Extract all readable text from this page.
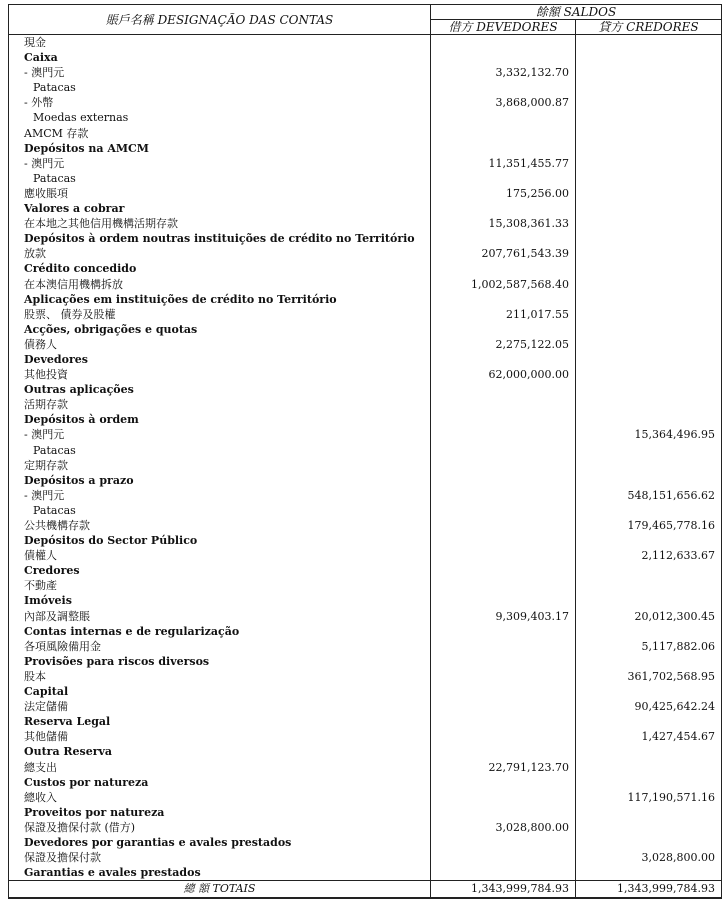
賬戶名稱 DESIGNAÇÃO DAS CONTAS	餘額 SALDOS	
	借方 DEVEDORES	貸方 CREDORES
現金		
Caixa		
- 澳門元	3,332,132.70	
Patacas		
- 外幣	3,868,000.87	
Moedas externas		
AMCM 存款		
Depósitos na AMCM		
- 澳門元	11,351,455.77	
Patacas		
應收賬項	175,256.00	
Valores a cobrar		
在本地之其他信用機構活期存款	15,308,361.33	
Depósitos à ordem noutras instituições de crédito no Território		
放款	207,761,543.39	
Crédito concedido		
在本澳信用機構拆放	1,002,587,568.40	
Aplicações em instituições de crédito no Território		
股票、 債券及股權	211,017.55	
Acções, obrigações e quotas		
債務人	2,275,122.05	
Devedores		
其他投資	62,000,000.00	
Outras aplicações		
活期存款		
Depósitos à ordem		
- 澳門元		15,364,496.95
Patacas		
定期存款		
Depósitos a prazo		
- 澳門元		548,151,656.62
Patacas		
公共機構存款		179,465,778.16
Depósitos do Sector Público		
債權人		2,112,633.67
Credores		
不動產		
Imóveis		
內部及調整賬	9,309,403.17	20,012,300.45
Contas internas e de regularização		
各項風險備用金		5,117,882.06
Provisões para riscos diversos		
股本		361,702,568.95
Capital		
法定儲備		90,425,642.24
Reserva Legal		
其他儲備		1,427,454.67
Outra Reserva		
總支出	22,791,123.70	
Custos por natureza		
總收入		117,190,571.16
Proveitos por natureza		
保證及擔保付款 (借方)	3,028,800.00	
Devedores por garantias e avales prestados		
保證及擔保付款		3,028,800.00
Garantias e avales prestados		
總 額 TOTAIS	1,343,999,784.93	1,343,999,784.93
